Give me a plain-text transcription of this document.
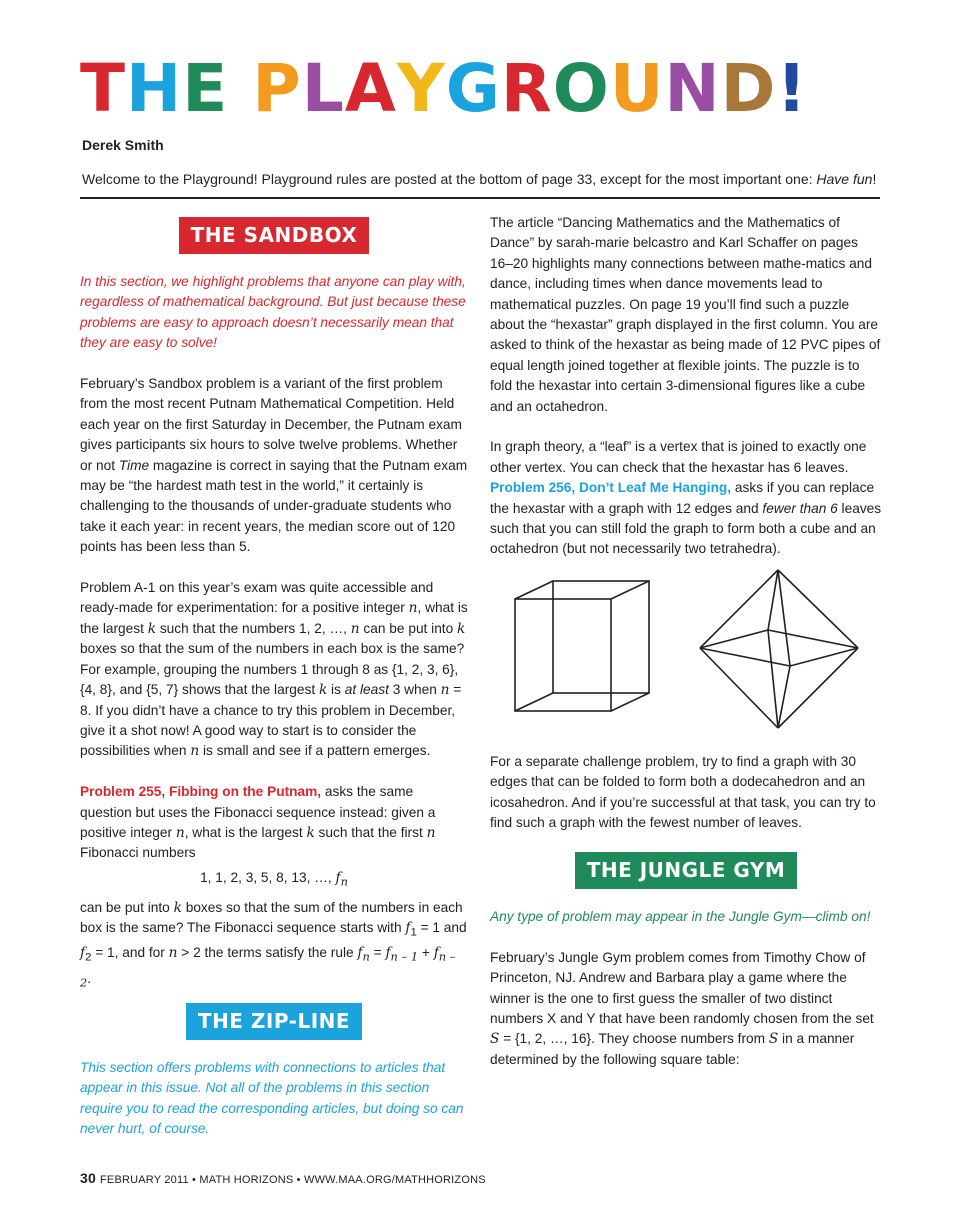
THE PLAYGROUND!
Derek Smith
Welcome to the Playground! Playground rules are posted at the bottom of page 33, except for the most important one: Have fun!
THE SANDBOX

In this section, we highlight problems that anyone can play with, regardless of mathematical background. But just because these problems are easy to approach doesn’t necessarily mean that they are easy to solve!

February’s Sandbox problem is a variant of the first problem from the most recent Putnam Mathematical Competition. Held each year on the first Saturday in December, the Putnam exam gives participants six hours to solve twelve problems. Whether or not Time magazine is correct in saying that the Putnam exam may be “the hardest math test in the world,” it certainly is challenging to the thousands of under-graduate students who take it each year: in recent years, the median score out of 120 points has been less than 5.

Problem A-1 on this year’s exam was quite accessible and ready-made for experimentation: for a positive integer n, what is the largest k such that the numbers 1, 2, …, n can be put into k boxes so that the sum of the numbers in each box is the same? For example, grouping the numbers 1 through 8 as {1, 2, 3, 6}, {4, 8}, and {5, 7} shows that the largest k is at least 3 when n = 8. If you didn’t have a chance to try this problem in December, give it a shot now! A good way to start is to consider the possibilities when n is small and see if a pattern emerges.

Problem 255, Fibbing on the Putnam, asks the same question but uses the Fibonacci sequence instead: given a positive integer n, what is the largest k such that the first n Fibonacci numbers

1, 1, 2, 3, 5, 8, 13, …, $f_n$

can be put into k boxes so that the sum of the numbers in each box is the same? The Fibonacci sequence starts with $f_1 = 1$ and $f_2 = 1$, and for n > 2 the terms satisfy the rule $f_n = f_{n - 1} + f_{n - 2}$.

THE ZIP-LINE

This section offers problems with connections to articles that appear in this issue. Not all of the problems in this section require you to read the corresponding articles, but doing so can never hurt, of course.

The article “Dancing Mathematics and the Mathematics of Dance” by sarah-marie belcastro and Karl Schaffer on pages 16–20 highlights many connections between mathe-matics and dance, including times when dance movements lead to mathematical puzzles. On page 19 you’ll find such a puzzle about the “hexastar” graph displayed in the first column. You are asked to think of the hexastar as being made of 12 PVC pipes of equal length joined together at flexible joints. The puzzle is to fold the hexastar into certain 3-dimensional figures like a cube and an octahedron.

In graph theory, a “leaf” is a vertex that is joined to exactly one other vertex. You can check that the hexastar has 6 leaves. Problem 256, Don’t Leaf Me Hanging, asks if you can replace the hexastar with a graph with 12 edges and fewer than 6 leaves such that you can still fold the graph to form both a cube and an octahedron (but not necessarily two tetrahedra).

For a separate challenge problem, try to find a graph with 30 edges that can be folded to form both a dodecahedron and an icosahedron. And if you’re successful at that task, you can try to find such a graph with the fewest number of leaves.

THE JUNGLE GYM

Any type of problem may appear in the Jungle Gym—climb on!

February’s Jungle Gym problem comes from Timothy Chow of Princeton, NJ. Andrew and Barbara play a game where the winner is the one to first guess the smaller of two distinct numbers X and Y that have been randomly chosen from the set S = {1, 2, …, 16}. They choose numbers from S in a manner determined by the following square table:

30 FEBRUARY 2011 • MATH HORIZONS • WWW.MAA.ORG/MATHHORIZONS
